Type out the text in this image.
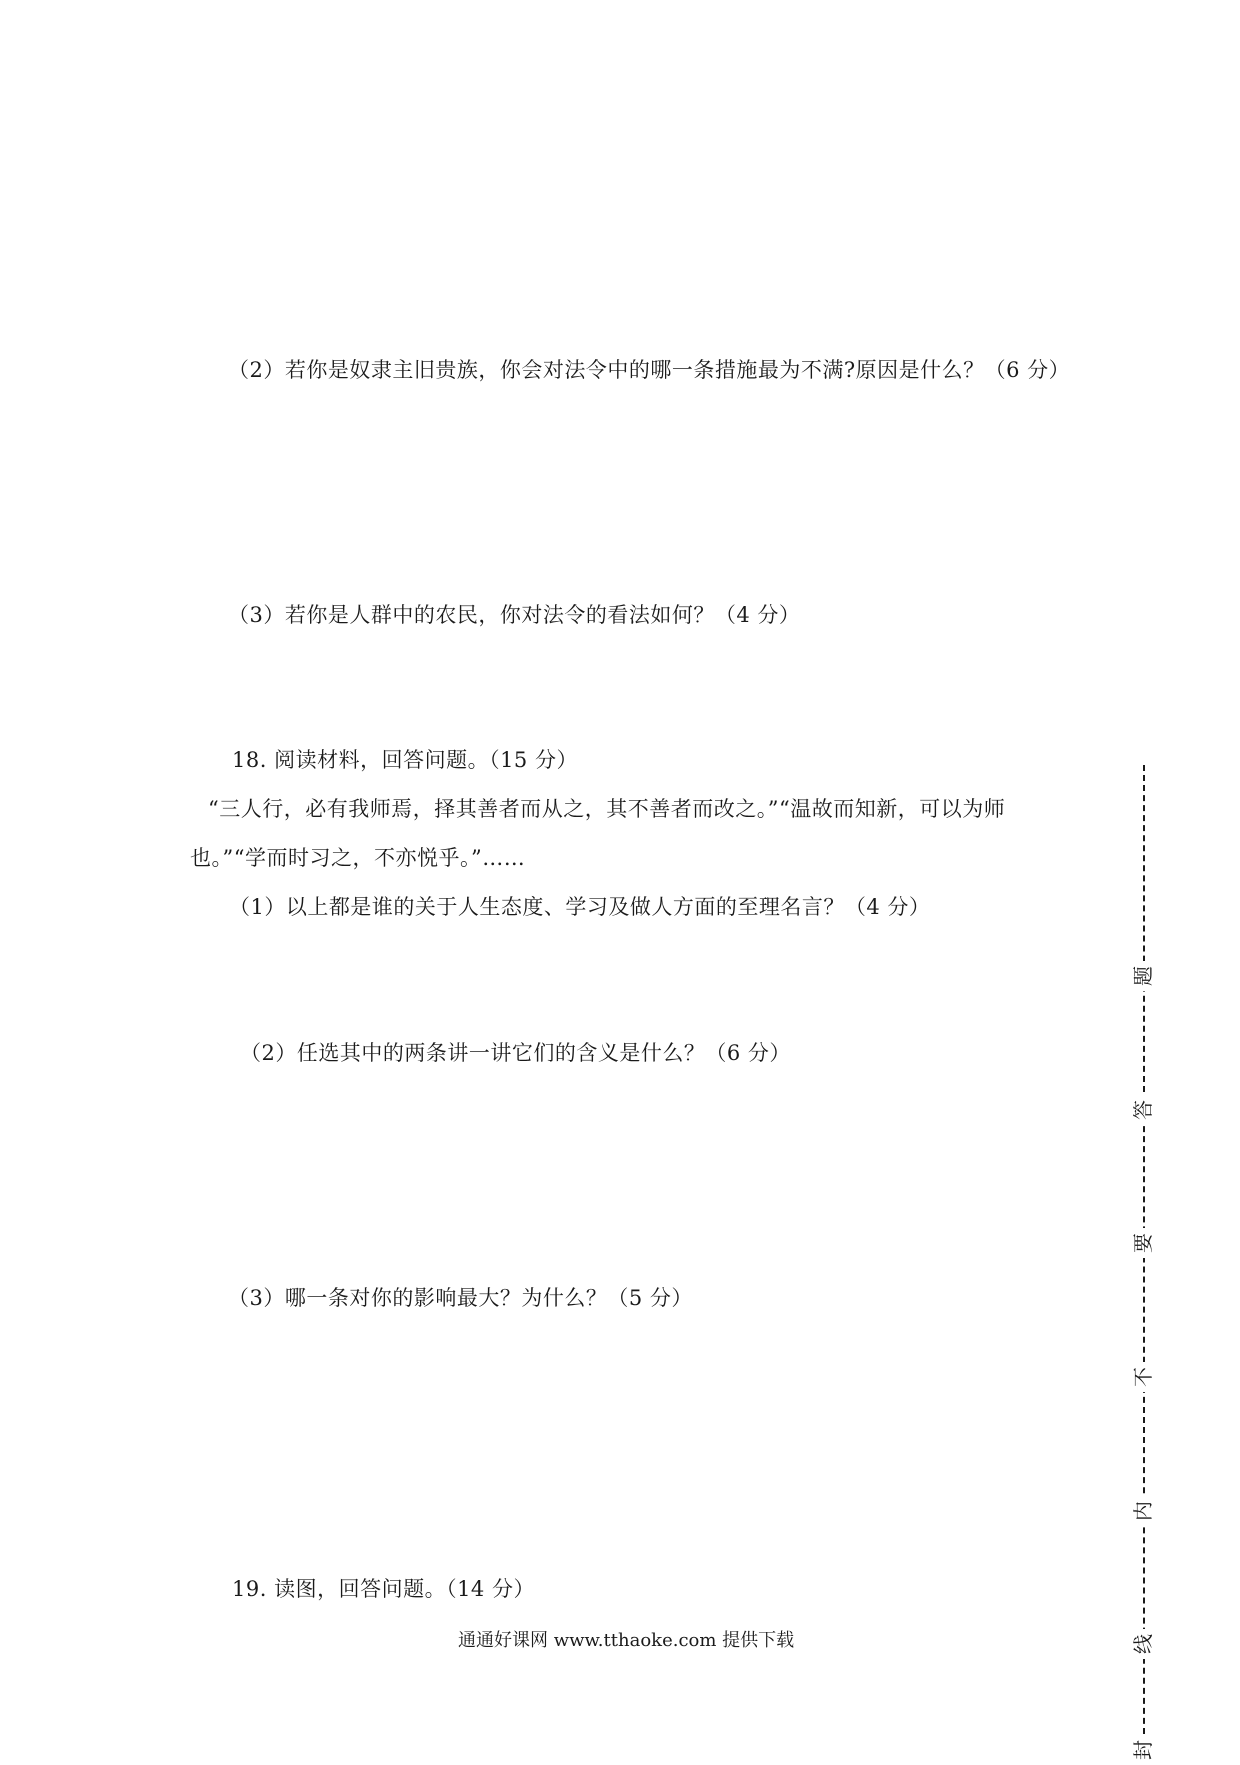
（2）若你是奴隶主旧贵族，你会对法令中的哪一条措施最为不满?原因是什么？（6 分）
（3）若你是人群中的农民，你对法令的看法如何？（4 分）
18. 阅读材料，回答问题。（15 分）
“三人行，必有我师焉，择其善者而从之，其不善者而改之。”“温故而知新，可以为师
也。”“学而时习之，不亦悦乎。”……
（1）以上都是谁的关于人生态度、学习及做人方面的至理名言？（4 分）
（2）任选其中的两条讲一讲它们的含义是什么？（6 分）
（3）哪一条对你的影响最大？为什么？（5 分）
19. 读图，回答问题。（14 分）
通通好课网 www.tthaoke.com 提供下载
题
答
要
不
内
线
封
